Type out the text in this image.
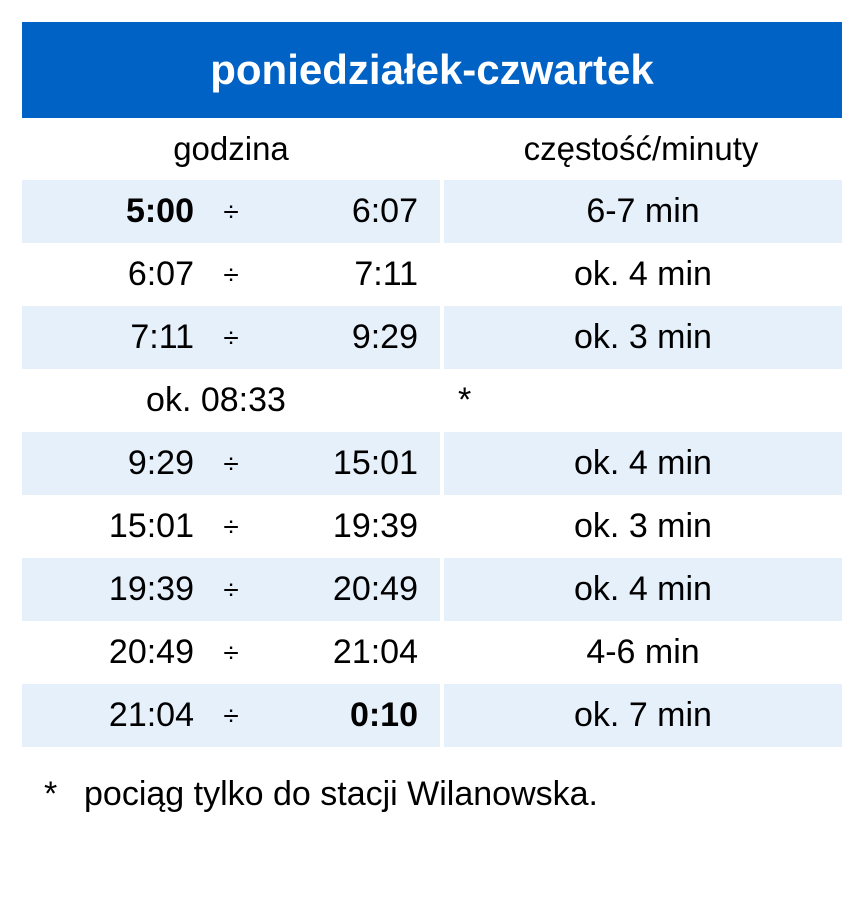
poniedziałek-czwartek
godzina	częstość/minuty
5:00	÷	6:07	6-7 min
6:07	÷	7:11	ok. 4 min
7:11	÷	9:29	ok. 3 min
ok. 08:33	*
9:29	÷	15:01	ok. 4 min
15:01	÷	19:39	ok. 3 min
19:39	÷	20:49	ok. 4 min
20:49	÷	21:04	4-6 min
21:04	÷	0:10	ok. 7 min
* pociąg tylko do stacji Wilanowska.
